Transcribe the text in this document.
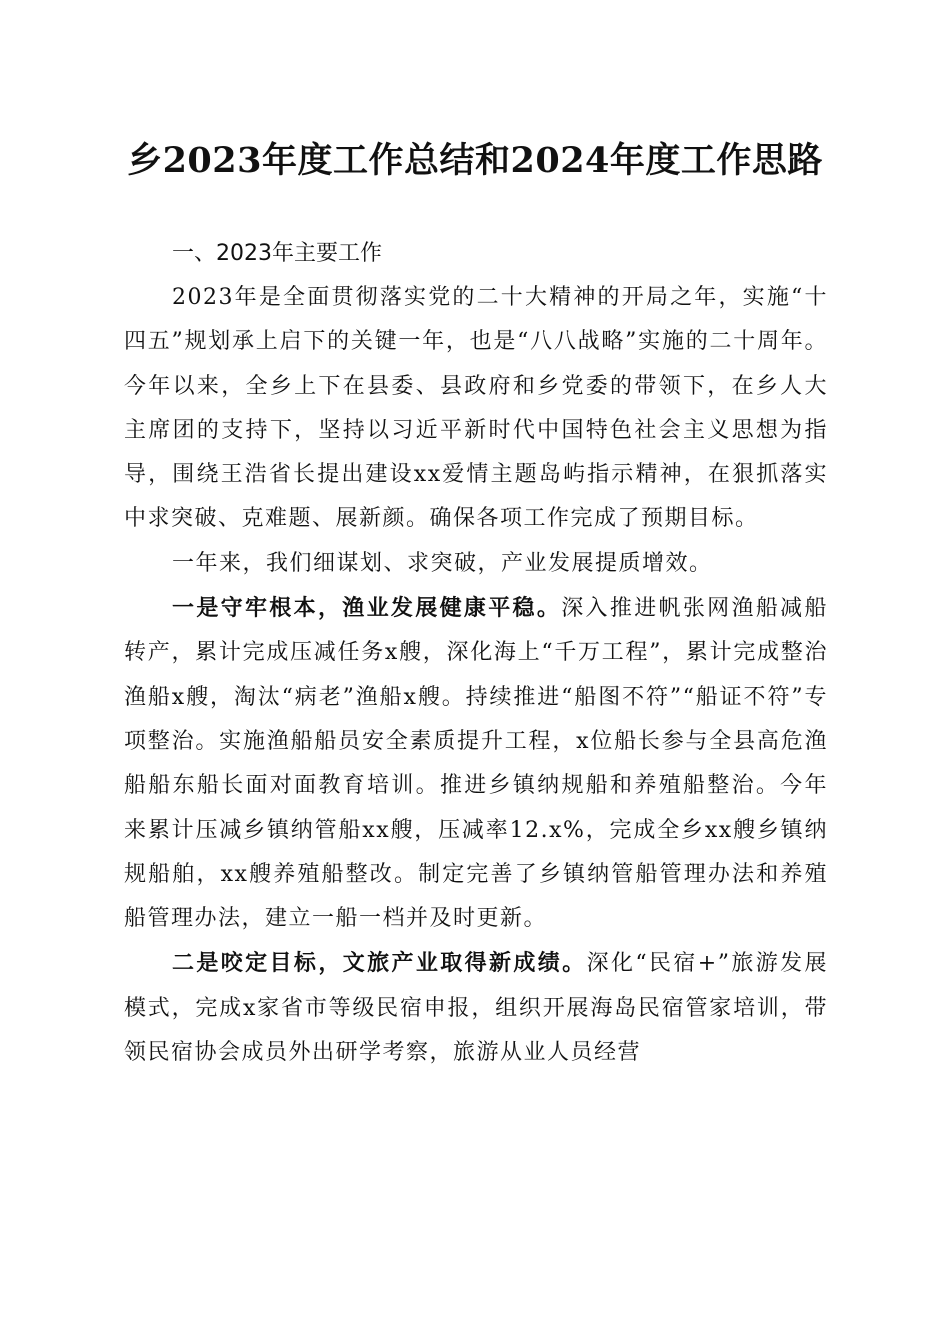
乡2023年度工作总结和2024年度工作思路
一、2023年主要工作

2023年是全面贯彻落实党的二十大精神的开局之年，实施“十四五”规划承上启下的关键一年，也是“八八战略”实施的二十周年。今年以来，全乡上下在县委、县政府和乡党委的带领下，在乡人大主席团的支持下，坚持以习近平新时代中国特色社会主义思想为指导，围绕王浩省长提出建设xx爱情主题岛屿指示精神，在狠抓落实中求突破、克难题、展新颜。确保各项工作完成了预期目标。

一年来，我们细谋划、求突破，产业发展提质增效。

一是守牢根本，渔业发展健康平稳。深入推进帆张网渔船减船转产，累计完成压减任务x艘，深化海上“千万工程”，累计完成整治渔船x艘，淘汰“病老”渔船x艘。持续推进“船图不符”“船证不符”专项整治。实施渔船船员安全素质提升工程，x位船长参与全县高危渔船船东船长面对面教育培训。推进乡镇纳规船和养殖船整治。今年来累计压减乡镇纳管船xx艘，压减率12.x%，完成全乡xx艘乡镇纳规船舶，xx艘养殖船整改。制定完善了乡镇纳管船管理办法和养殖船管理办法，建立一船一档并及时更新。

二是咬定目标，文旅产业取得新成绩。深化“民宿+”旅游发展模式，完成x家省市等级民宿申报，组织开展海岛民宿管家培训，带领民宿协会成员外出研学考察，旅游从业人员经营
